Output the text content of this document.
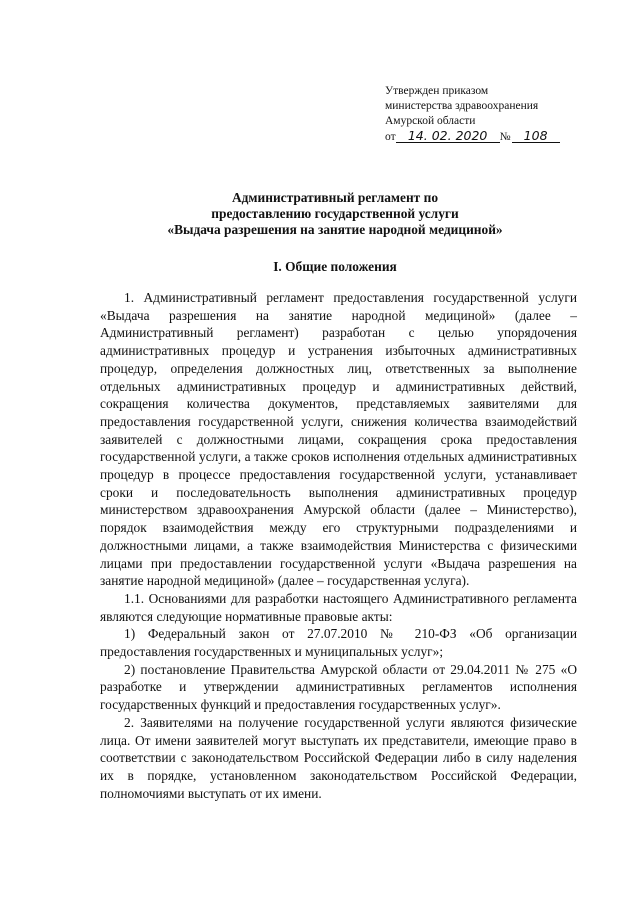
Утвержден приказом
министерства здравоохранения
Амурской области
от 14. 02. 2020 № 108
Административный регламент по
предоставлению государственной услуги
«Выдача разрешения на занятие народной медициной»
I. Общие положения

1. Административный регламент предоставления государственной услуги «Выдача разрешения на занятие народной медициной» (далее – Административный регламент) разработан с целью упорядочения административных процедур и устранения избыточных административных процедур, определения должностных лиц, ответственных за выполнение отдельных административных процедур и административных действий, сокращения количества документов, представляемых заявителями для предоставления государственной услуги, снижения количества взаимодействий заявителей с должностными лицами, сокращения срока предоставления государственной услуги, а также сроков исполнения отдельных административных процедур в процессе предоставления государственной услуги, устанавливает сроки и последовательность выполнения административных процедур министерством здравоохранения Амурской области (далее – Министерство), порядок взаимодействия между его структурными подразделениями и должностными лицами, а также взаимодействия Министерства с физическими лицами при предоставлении государственной услуги «Выдача разрешения на занятие народной медициной» (далее – государственная услуга).

1.1. Основаниями для разработки настоящего Административного регламента являются следующие нормативные правовые акты:

1) Федеральный закон от 27.07.2010 № 210-ФЗ «Об организации предоставления государственных и муниципальных услуг»;

2) постановление Правительства Амурской области от 29.04.2011 № 275 «О разработке и утверждении административных регламентов исполнения государственных функций и предоставления государственных услуг».

2. Заявителями на получение государственной услуги являются физические лица. От имени заявителей могут выступать их представители, имеющие право в соответствии с законодательством Российской Федерации либо в силу наделения их в порядке, установленном законодательством Российской Федерации, полномочиями выступать от их имени.
